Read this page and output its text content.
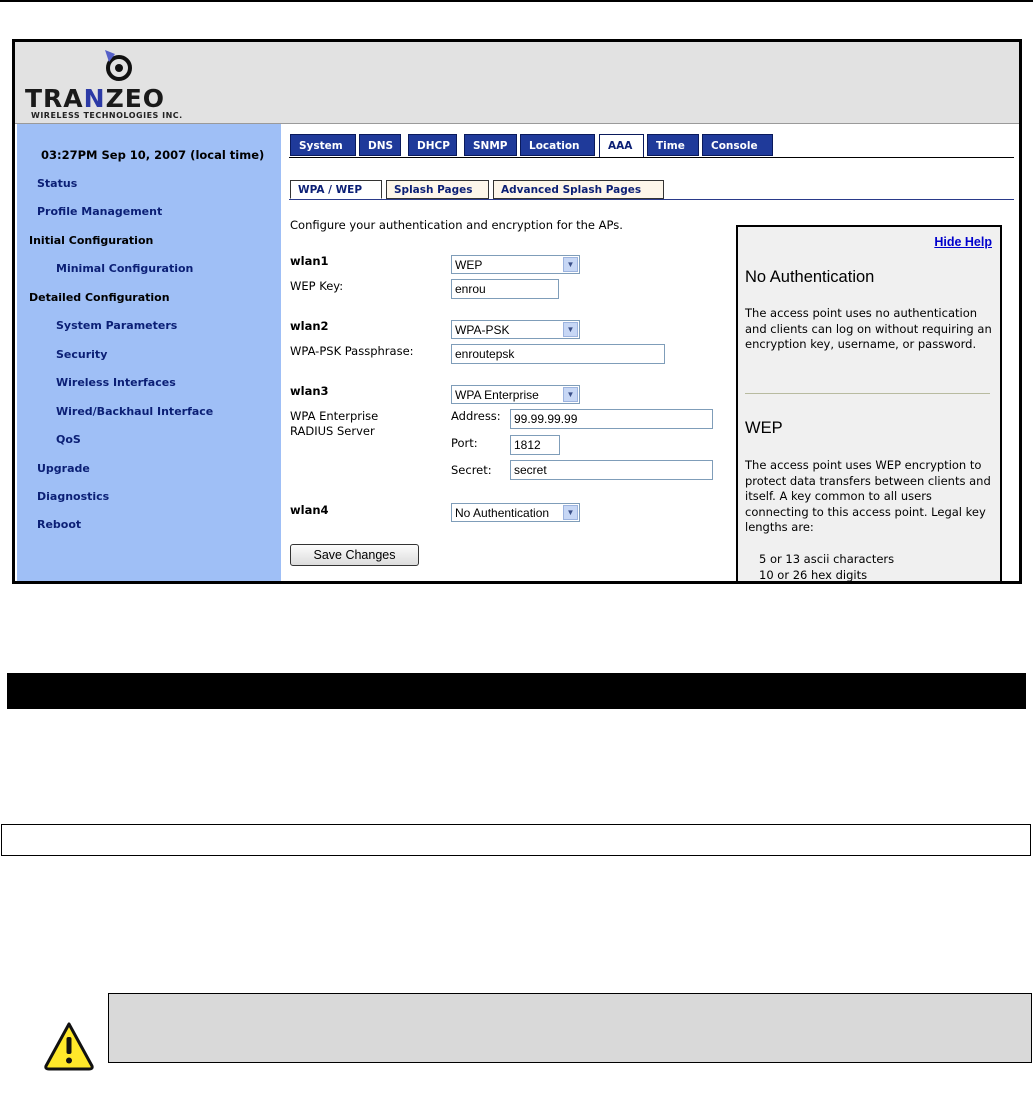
TRANZEO
WIRELESS TECHNOLOGIES INC.
03:27PM Sep 10, 2007 (local time)
Status
Profile Management
Initial Configuration
Minimal Configuration
Detailed Configuration
System Parameters
Security
Wireless Interfaces
Wired/Backhaul Interface
QoS
Upgrade
Diagnostics
Reboot
System	DNS	DHCP	SNMP	Location	AAA	Time	Console
WPA / WEP	Splash Pages	Advanced Splash Pages
Configure your authentication and encryption for the APs.
wlan1	WEP	▼
WEP Key:	enrou
wlan2	WPA-PSK	▼
WPA-PSK Passphrase:	enroutepsk
wlan3	WPA Enterprise	▼
WPA Enterprise
RADIUS Server
Address:	99.99.99.99
Port:	1812
Secret:	secret
wlan4	No Authentication	▼
Save Changes
Hide Help
No Authentication
The access point uses no authentication and clients can log on without requiring an encryption key, username, or password.
WEP
The access point uses WEP encryption to protect data transfers between clients and itself. A key common to all users connecting to this access point. Legal key lengths are:
5 or 13 ascii characters
10 or 26 hex digits
